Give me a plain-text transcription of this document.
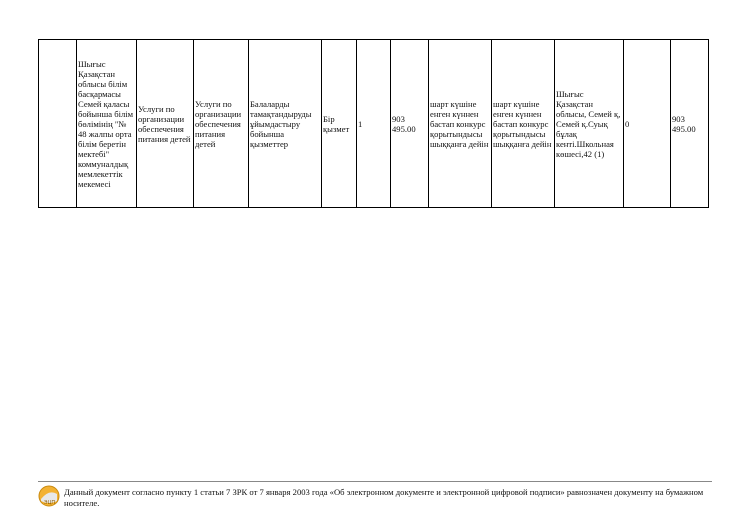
	Шығыс Қазақстан облысы білім басқармасы Семей қаласы бойынша білім бөлімінің "№ 48 жалпы орта білім беретін мектебі" коммуналдық мемлекеттік мекемесі	Услуги по организации обеспечения питания детей	Услуги по организации обеспечения питания детей	Балаларды тамақтандыруды ұйымдастыру бойынша қызметтер	Бір қызмет	1	903 495.00	шарт күшіне енген күннен бастап конкурс қорытындысы шыққанға дейін	шарт күшіне енген күннен бастап конкурс қорытындысы шыққанға дейін	Шығыс Қазақстан облысы, Семей қ, Семей қ.Суық бұлақ кенті.Школьная көшесі,42 (1)	0	903 495.00
ЭЦП
Данный документ согласно пункту 1 статьи 7 ЗРК от 7 января 2003 года «Об электронном документе и электронной цифровой подписи» равнозначен документу на бумажном носителе.
